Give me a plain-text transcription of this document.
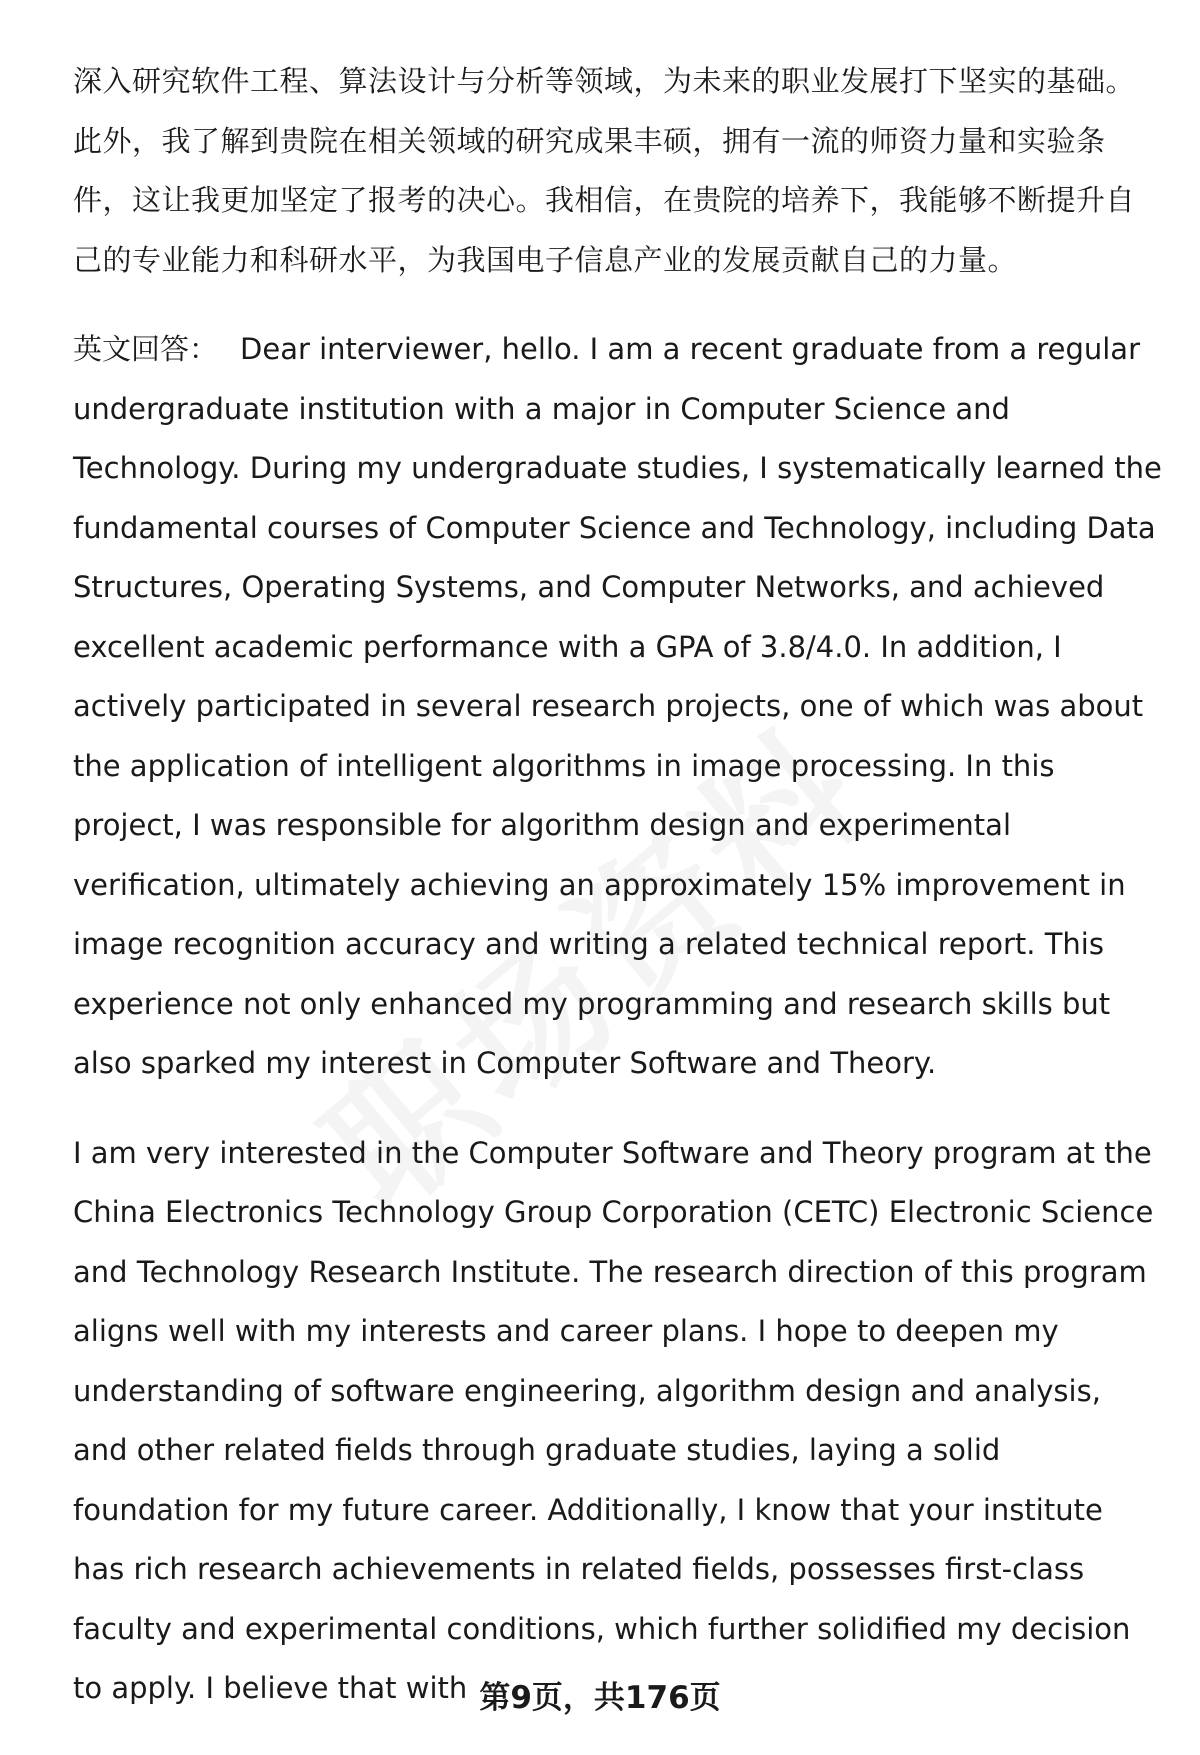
深入研究软件工程、算法设计与分析等领域，为未来的职业发展打下坚实的基础。此外，我了解到贵院在相关领域的研究成果丰硕，拥有一流的师资力量和实验条件，这让我更加坚定了报考的决心。我相信，在贵院的培养下，我能够不断提升自己的专业能力和科研水平，为我国电子信息产业的发展贡献自己的力量。

英文回答： Dear interviewer, hello. I am a recent graduate from a regular undergraduate institution with a major in Computer Science and Technology. During my undergraduate studies, I systematically learned the fundamental courses of Computer Science and Technology, including Data Structures, Operating Systems, and Computer Networks, and achieved excellent academic performance with a GPA of 3.8/4.0. In addition, I actively participated in several research projects, one of which was about the application of intelligent algorithms in image processing. In this project, I was responsible for algorithm design and experimental verification, ultimately achieving an approximately 15% improvement in image recognition accuracy and writing a related technical report. This experience not only enhanced my programming and research skills but also sparked my interest in Computer Software and Theory.

I am very interested in the Computer Software and Theory program at the China Electronics Technology Group Corporation (CETC) Electronic Science and Technology Research Institute. The research direction of this program aligns well with my interests and career plans. I hope to deepen my understanding of software engineering, algorithm design and analysis, and other related fields through graduate studies, laying a solid foundation for my future career. Additionally, I know that your institute has rich research achievements in related fields, possesses first-class faculty and experimental conditions, which further solidified my decision to apply. I believe that with 第9页，共176页
